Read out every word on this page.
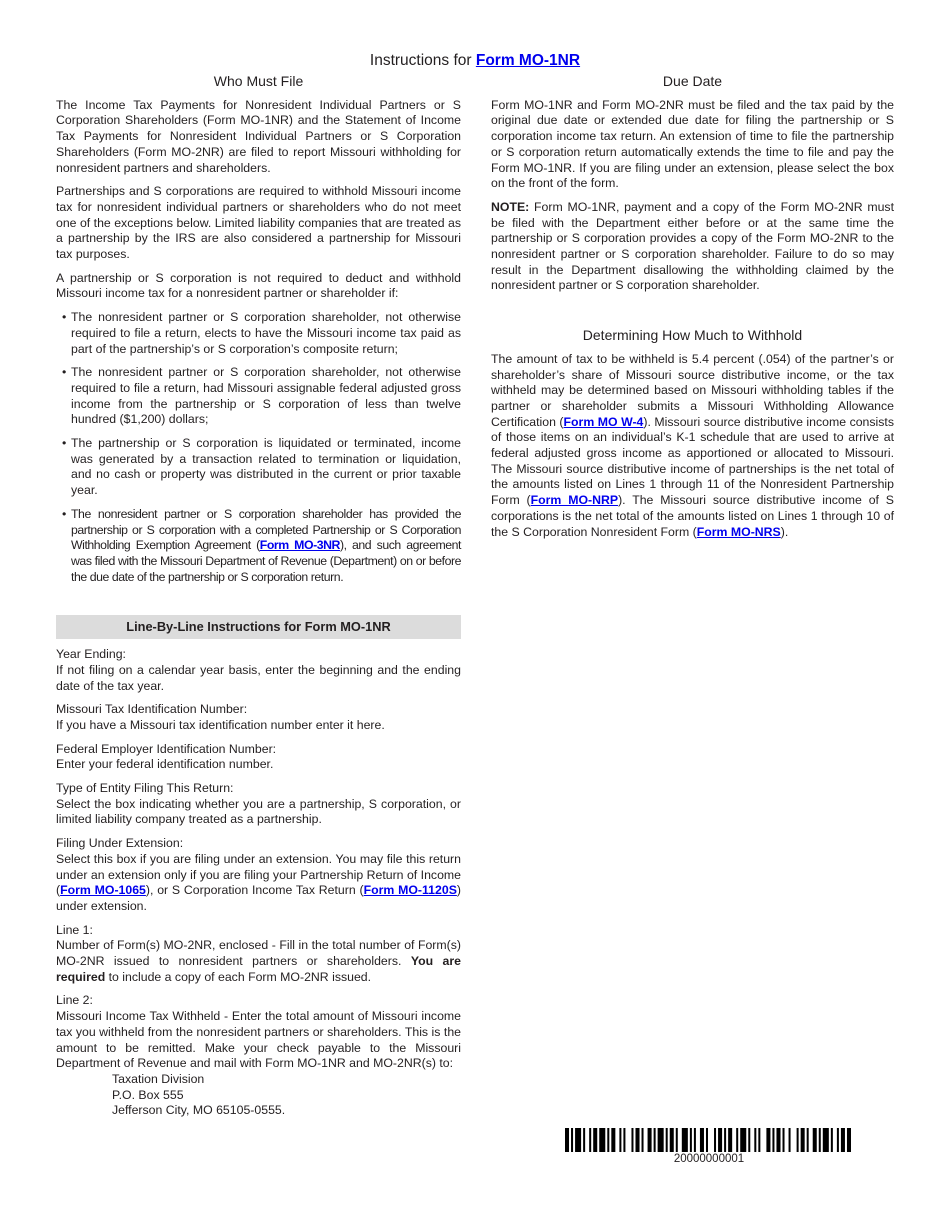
Instructions for Form MO-1NR
Who Must File

The Income Tax Payments for Nonresident Individual Partners or S Corporation Shareholders (Form MO-1NR) and the Statement of Income Tax Payments for Nonresident Individual Partners or S Corporation Shareholders (Form MO-2NR) are filed to report Missouri withholding for nonresident partners and shareholders.

Partnerships and S corporations are required to withhold Missouri income tax for nonresident individual partners or shareholders who do not meet one of the exceptions below. Limited liability companies that are treated as a partnership by the IRS are also considered a partnership for Missouri tax purposes.

A partnership or S corporation is not required to deduct and withhold Missouri income tax for a nonresident partner or shareholder if:

• The nonresident partner or S corporation shareholder, not otherwise required to file a return, elects to have the Missouri income tax paid as part of the partnership’s or S corporation’s composite return;
• The nonresident partner or S corporation shareholder, not otherwise required to file a return, had Missouri assignable federal adjusted gross income from the partnership or S corporation of less than twelve hundred ($1,200) dollars;
• The partnership or S corporation is liquidated or terminated, income was generated by a transaction related to termination or liquidation, and no cash or property was distributed in the current or prior taxable year.
• The nonresident partner or S corporation shareholder has provided the partnership or S corporation with a completed Partnership or S Corporation Withholding Exemption Agreement (Form MO-3NR), and such agreement was filed with the Missouri Department of Revenue (Department) on or before the due date of the partnership or S corporation return.
Line-By-Line Instructions for Form MO-1NR
Year Ending:
If not filing on a calendar year basis, enter the beginning and the ending date of the tax year.
Missouri Tax Identification Number:
If you have a Missouri tax identification number enter it here.
Federal Employer Identification Number:
Enter your federal identification number.
Type of Entity Filing This Return:
Select the box indicating whether you are a partnership, S corporation, or limited liability company treated as a partnership.
Filing Under Extension:
Select this box if you are filing under an extension. You may file this return under an extension only if you are filing your Partnership Return of Income (Form MO-1065), or S Corporation Income Tax Return (Form MO-1120S) under extension.
Line 1:
Number of Form(s) MO-2NR, enclosed - Fill in the total number of Form(s) MO-2NR issued to nonresident partners or shareholders. You are required to include a copy of each Form MO-2NR issued.
Line 2:
Missouri Income Tax Withheld - Enter the total amount of Missouri income tax you withheld from the nonresident partners or shareholders. This is the amount to be remitted. Make your check payable to the Missouri Department of Revenue and mail with Form MO-1NR and MO-2NR(s) to:
Taxation Division
P.O. Box 555
Jefferson City, MO 65105-0555.
Due Date

Form MO-1NR and Form MO-2NR must be filed and the tax paid by the original due date or extended due date for filing the partnership or S corporation income tax return. An extension of time to file the partnership or S corporation return automatically extends the time to file and pay the Form MO-1NR. If you are filing under an extension, please select the box on the front of the form.

NOTE: Form MO-1NR, payment and a copy of the Form MO-2NR must be filed with the Department either before or at the same time the partnership or S corporation provides a copy of the Form MO-2NR to the nonresident partner or S corporation shareholder. Failure to do so may result in the Department disallowing the withholding claimed by the nonresident partner or S corporation shareholder.

Determining How Much to Withhold

The amount of tax to be withheld is 5.4 percent (.054) of the partner’s or shareholder’s share of Missouri source distributive income, or the tax withheld may be determined based on Missouri withholding tables if the partner or shareholder submits a Missouri Withholding Allowance Certification (Form MO W-4). Missouri source distributive income consists of those items on an individual’s K-1 schedule that are used to arrive at federal adjusted gross income as apportioned or allocated to Missouri. The Missouri source distributive income of partnerships is the net total of the amounts listed on Lines 1 through 11 of the Nonresident Partnership Form (Form MO-NRP). The Missouri source distributive income of S corporations is the net total of the amounts listed on Lines 1 through 10 of the S Corporation Nonresident Form (Form MO-NRS).

20000000001
